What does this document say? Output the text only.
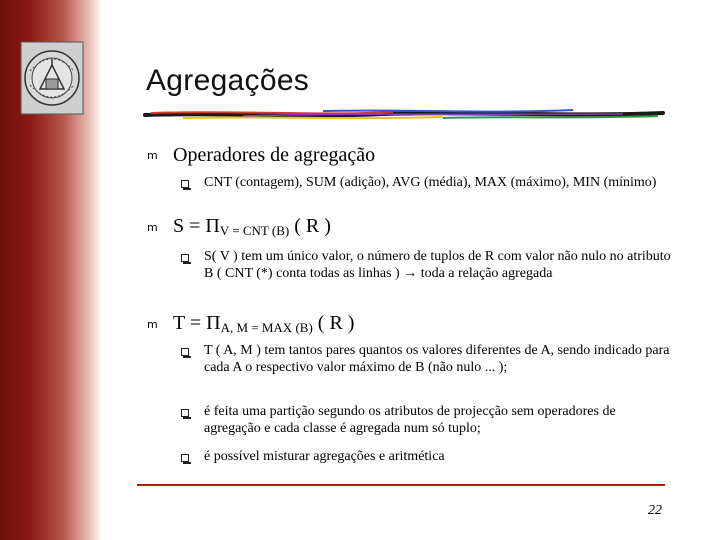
Agregações
m Operadores de agregação
CNT (contagem), SUM (adição), AVG (média), MAX (máximo), MIN (mínimo)
m $S = \Pi_{V = CNT (B)}$ ( R )
S( V ) tem um único valor, o número de tuplos de R com valor não nulo no atributo B ( CNT (*) conta todas as linhas ) → toda a relação agregada
m $T = \Pi_{A, M = MAX (B)}$ ( R )
T ( A, M ) tem tantos pares quantos os valores diferentes de A, sendo indicado para cada A o respectivo valor máximo de B (não nulo ... );
é feita uma partição segundo os atributos de projecção sem operadores de agregação e cada classe é agregada num só tuplo;
é possível misturar agregações e aritmética
22
